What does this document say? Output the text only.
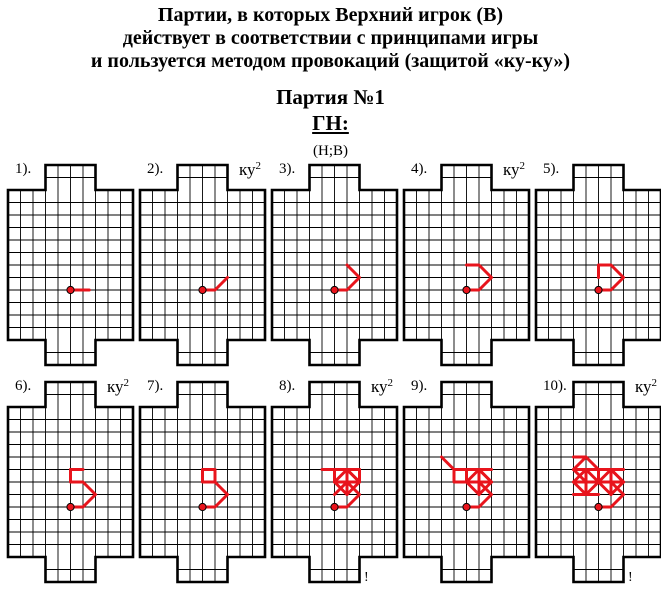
Партии, в которых Верхний игрок (В)
действует в соответствии с принципами игры
и пользуется методом провокаций (защитой «ку-ку»)
Партия №1
ГН:
(Н;В)
1).	2).	$ку^2$ 3).	4).	$ку^2$ 5).
6).	$ку^2$ 7).	8).	$ку^2$
!
9).	10).	$ку^2$
!
